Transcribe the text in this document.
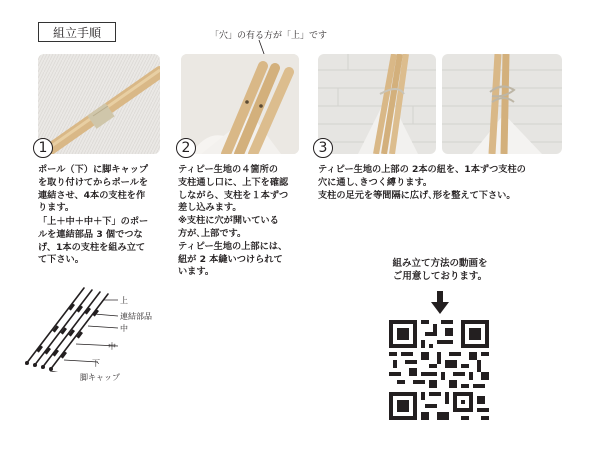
組立手順	「穴」の有る方が「上」です
1	2	3
ポール（下）に脚キャップ
を取り付けてからポールを
連結させ、4本の支柱を作
ります。
「上＋中＋中＋下」のポー
ルを連結部品 3 個でつな
げ、1本の支柱を組み立て
て下さい。
ティピー生地の４箇所の
支柱通し口に、上下を確認
しながら、支柱を１本ずつ
差し込みます。
※支柱に穴が開いている
方が､上部です。
ティピー生地の上部には、
紐が 2 本縫いつけられて
います。
ティピー生地の上部の 2本の紐を、1本ずつ支柱の
穴に通し､きつく縛ります。
支柱の足元を等間隔に広げ､形を整えて下さい。
上
連結部品
中
中
下
脚キャップ
組み立て方法の動画を
ご用意しております。
